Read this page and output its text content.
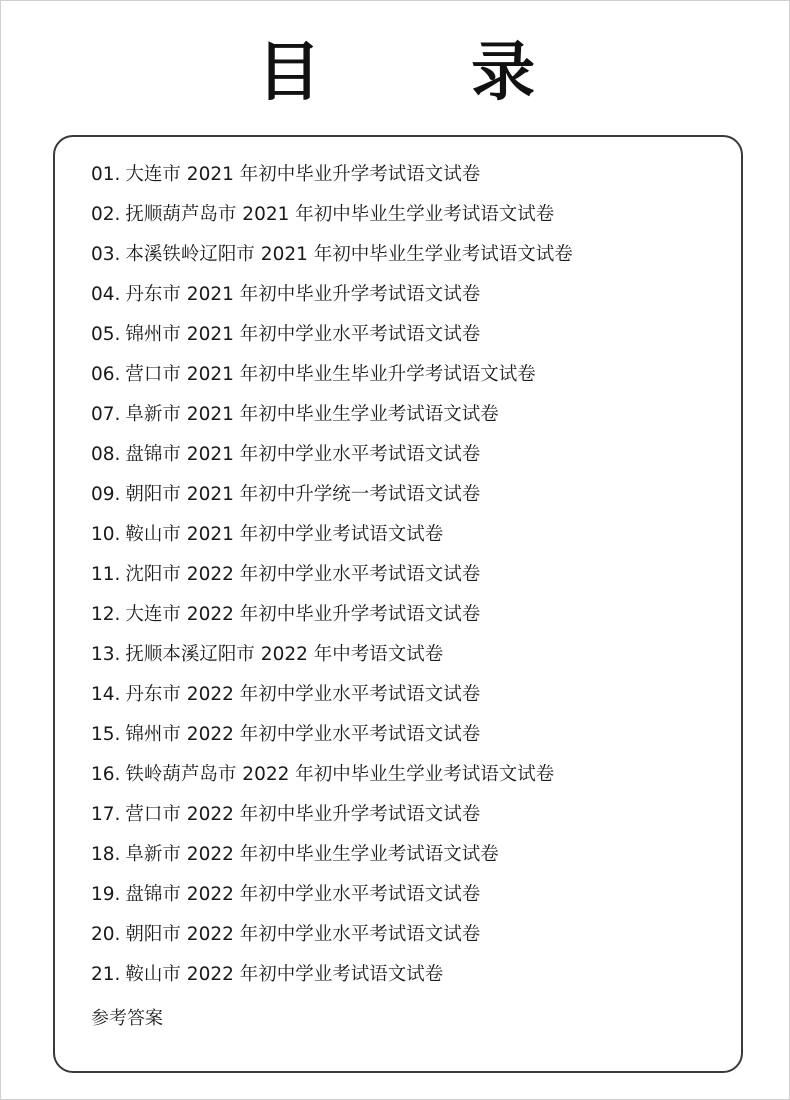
目 录
01. 大连市 2021 年初中毕业升学考试语文试卷
02. 抚顺葫芦岛市 2021 年初中毕业生学业考试语文试卷
03. 本溪铁岭辽阳市 2021 年初中毕业生学业考试语文试卷
04. 丹东市 2021 年初中毕业升学考试语文试卷
05. 锦州市 2021 年初中学业水平考试语文试卷
06. 营口市 2021 年初中毕业生毕业升学考试语文试卷
07. 阜新市 2021 年初中毕业生学业考试语文试卷
08. 盘锦市 2021 年初中学业水平考试语文试卷
09. 朝阳市 2021 年初中升学统一考试语文试卷
10. 鞍山市 2021 年初中学业考试语文试卷
11. 沈阳市 2022 年初中学业水平考试语文试卷
12. 大连市 2022 年初中毕业升学考试语文试卷
13. 抚顺本溪辽阳市 2022 年中考语文试卷
14. 丹东市 2022 年初中学业水平考试语文试卷
15. 锦州市 2022 年初中学业水平考试语文试卷
16. 铁岭葫芦岛市 2022 年初中毕业生学业考试语文试卷
17. 营口市 2022 年初中毕业升学考试语文试卷
18. 阜新市 2022 年初中毕业生学业考试语文试卷
19. 盘锦市 2022 年初中学业水平考试语文试卷
20. 朝阳市 2022 年初中学业水平考试语文试卷
21. 鞍山市 2022 年初中学业考试语文试卷
参考答案
